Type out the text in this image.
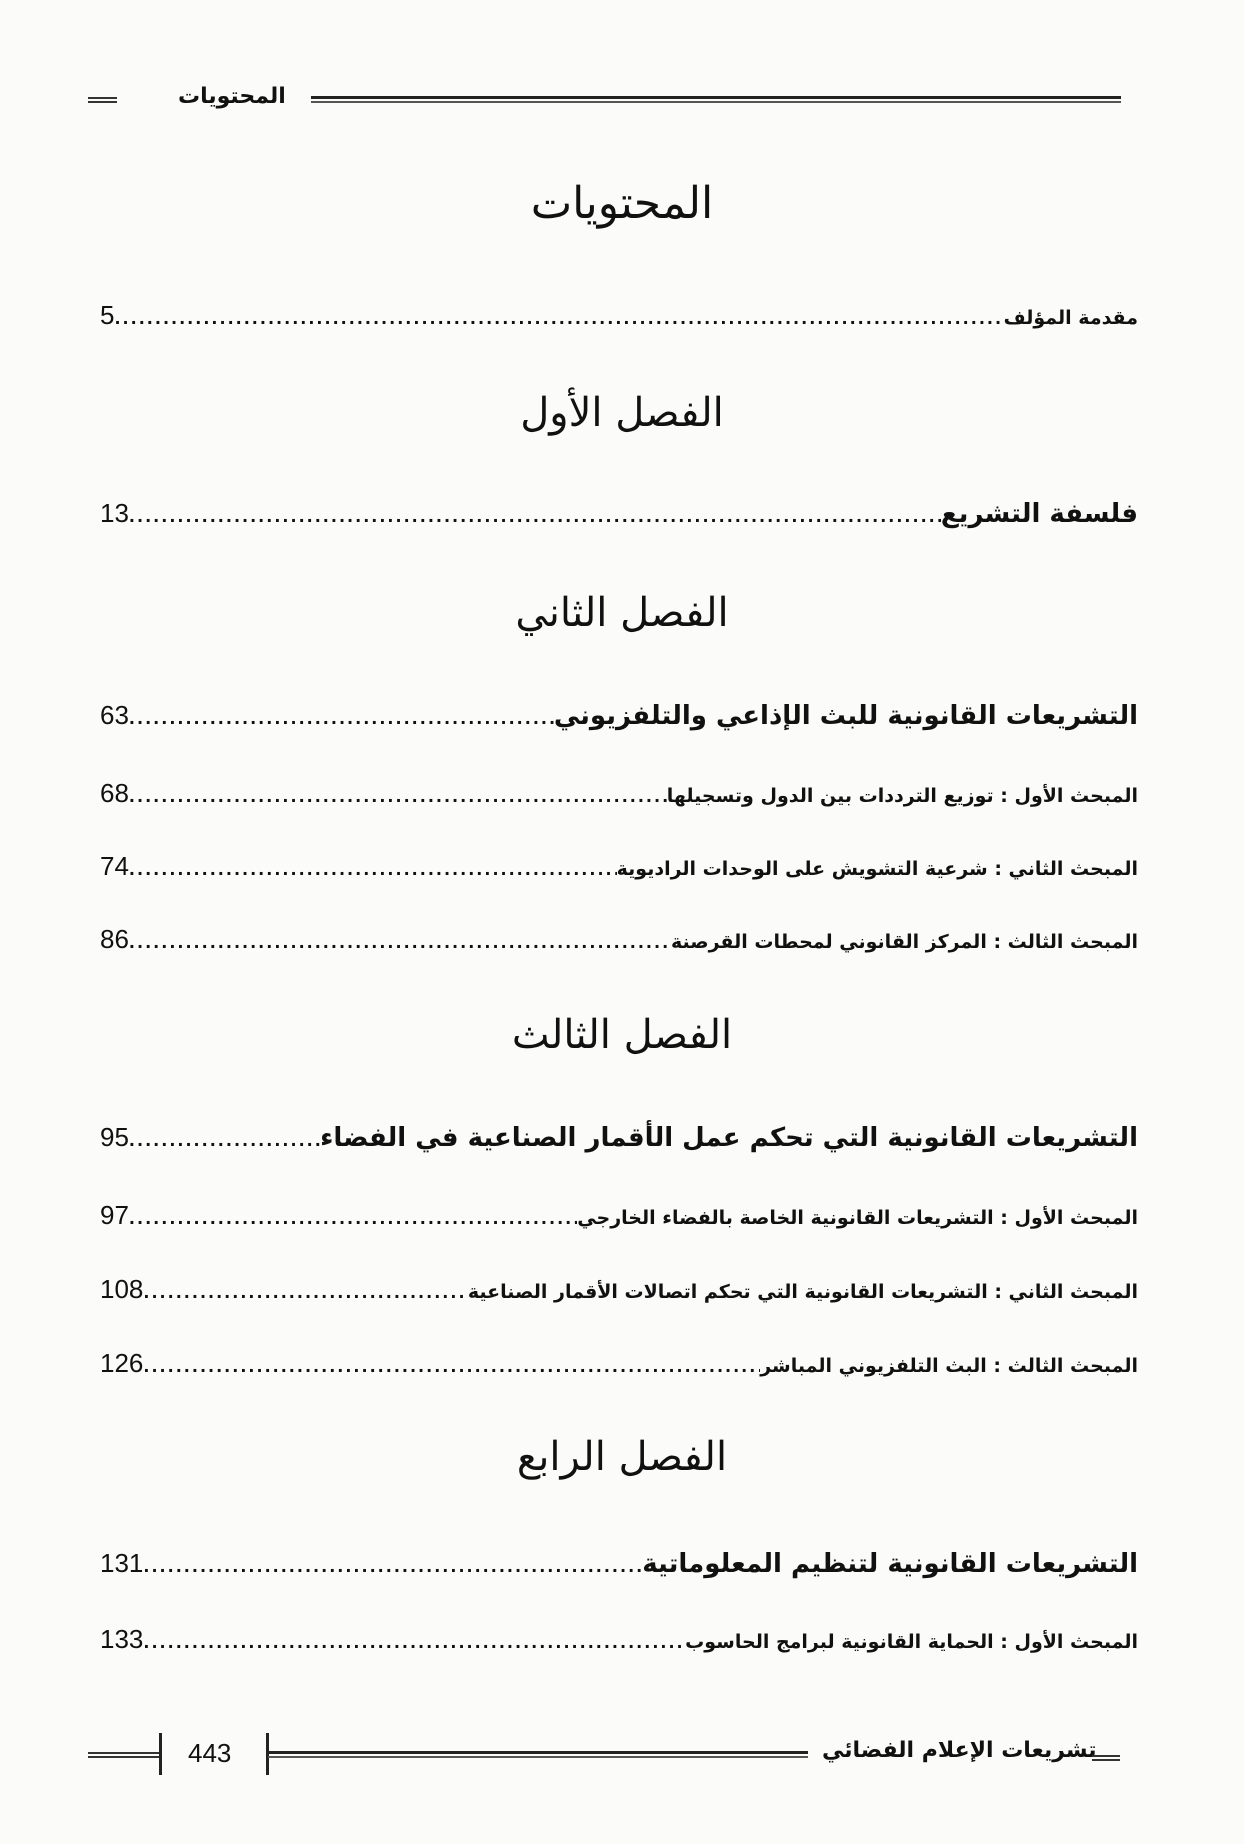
المحتويات
المحتويات
مقدمة المؤلف
.....
5
الفصل الأول
فلسفة التشريع
.....
13
الفصل الثاني
التشريعات القانونية للبث الإذاعي والتلفزيوني
.....
63
المبحث الأول : توزيع الترددات بين الدول وتسجيلها
.....
68
المبحث الثاني : شرعية التشويش على الوحدات الراديوية
.....
74
المبحث الثالث : المركز القانوني لمحطات القرصنة
.....
86
الفصل الثالث
التشريعات القانونية التي تحكم عمل الأقمار الصناعية في الفضاء
.....
95
المبحث الأول : التشريعات القانونية الخاصة بالفضاء الخارجي
.....
97
المبحث الثاني : التشريعات القانونية التي تحكم اتصالات الأقمار الصناعية
.....
108
المبحث الثالث : البث التلفزيوني المباشر
.....
126
الفصل الرابع
التشريعات القانونية لتنظيم المعلوماتية
.....
131
المبحث الأول : الحماية القانونية لبرامج الحاسوب
.....
133
443	تشريعات الإعلام الفضائي
